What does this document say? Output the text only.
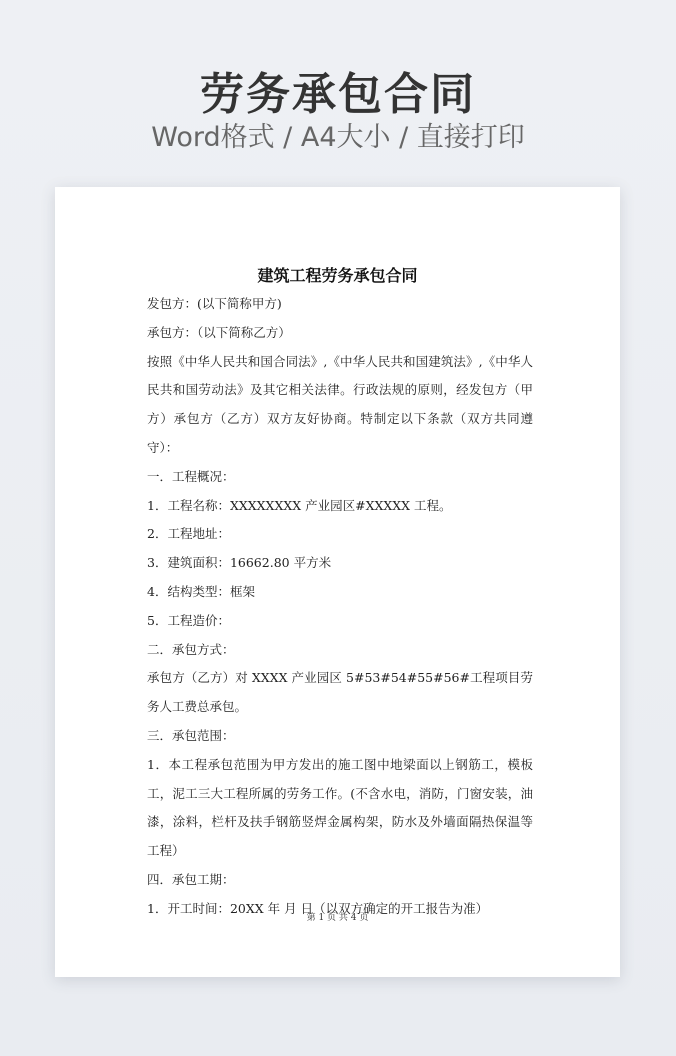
劳务承包合同
Word格式 / A4大小 / 直接打印
建筑工程劳务承包合同

发包方：(以下简称甲方)

承包方：（以下简称乙方）

按照《中华人民共和国合同法》,《中华人民共和国建筑法》,《中华人民共和国劳动法》及其它相关法律。行政法规的原则，经发包方（甲方）承包方（乙方）双方友好协商。特制定以下条款（双方共同遵守）：

一．工程概况：

1．工程名称：XXXXXXXX 产业园区#XXXXX 工程。

2．工程地址：

3．建筑面积：16662.80 平方米

4．结构类型：框架

5．工程造价：

二．承包方式：

承包方（乙方）对 XXXX 产业园区 5#53#54#55#56#工程项目劳务人工费总承包。

三．承包范围：

1．本工程承包范围为甲方发出的施工图中地梁面以上钢筋工，模板工，泥工三大工程所属的劳务工作。(不含水电，消防，门窗安装，油漆，涂料，栏杆及扶手钢筋竖焊金属构架，防水及外墙面隔热保温等工程）

四．承包工期：

1．开工时间：20XX 年 月 日（以双方确定的开工报告为准）

第 1 页 共 4 页
